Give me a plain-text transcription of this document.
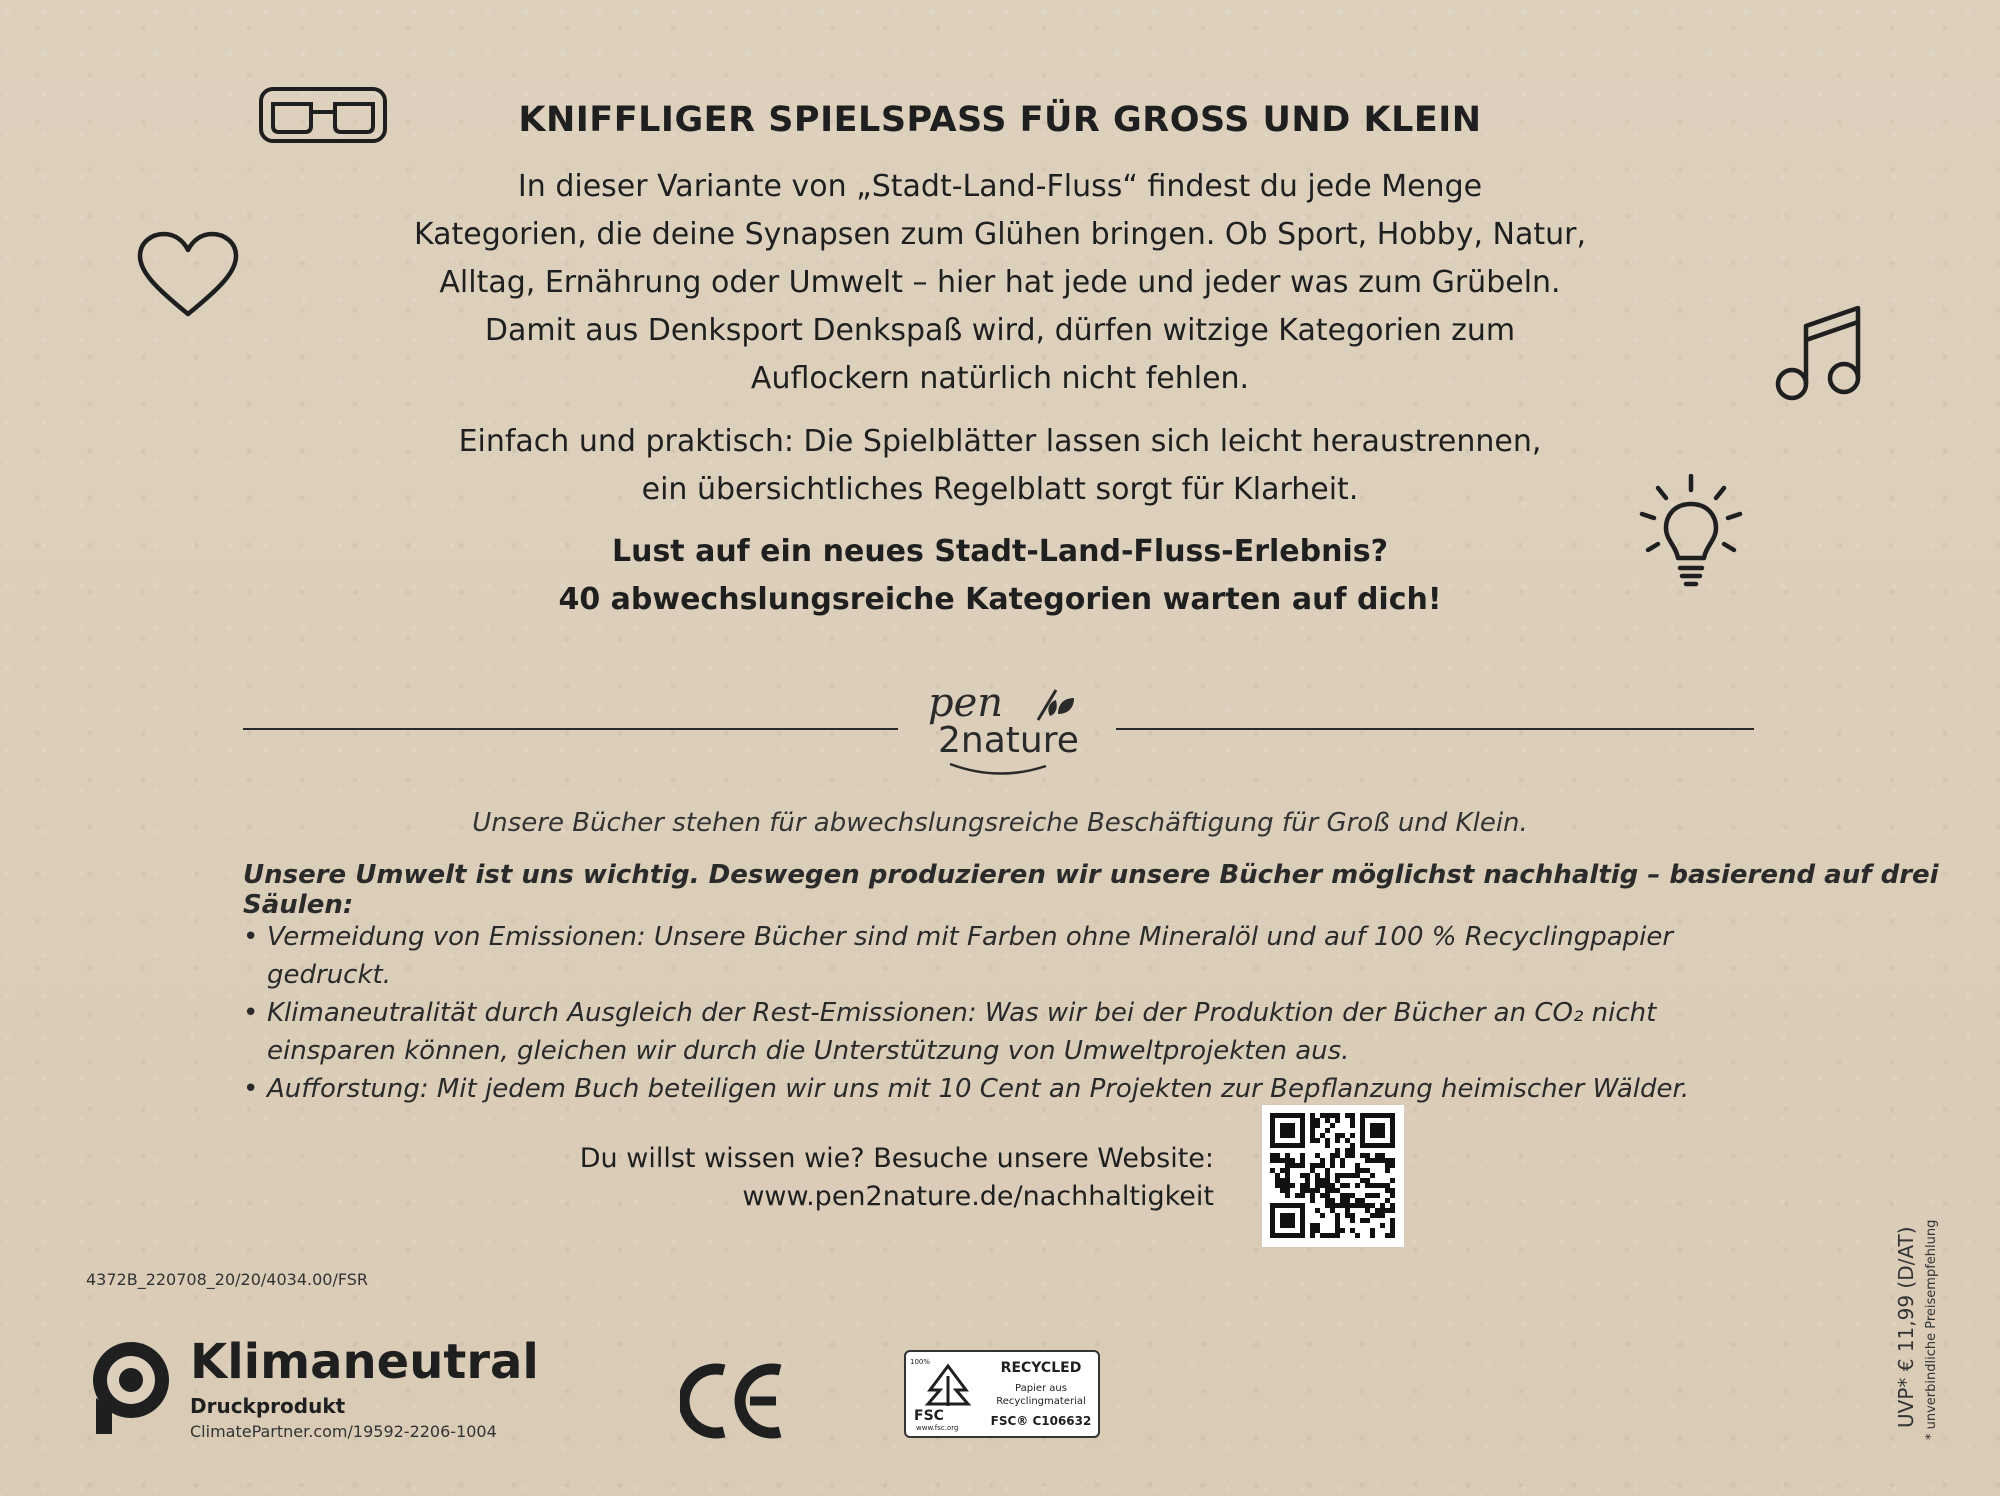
KNIFFLIGER SPIELSPASS FÜR GROSS UND KLEIN
In dieser Variante von „Stadt-Land-Fluss“ findest du jede Menge
Kategorien, die deine Synapsen zum Glühen bringen. Ob Sport, Hobby, Natur,
Alltag, Ernährung oder Umwelt – hier hat jede und jeder was zum Grübeln.
Damit aus Denksport Denkspaß wird, dürfen witzige Kategorien zum
Auflockern natürlich nicht fehlen.
Einfach und praktisch: Die Spielblätter lassen sich leicht heraustrennen,
ein übersichtliches Regelblatt sorgt für Klarheit.
Lust auf ein neues Stadt-Land-Fluss-Erlebnis?
40 abwechslungsreiche Kategorien warten auf dich!
pen
2nature
Unsere Bücher stehen für abwechslungsreiche Beschäftigung für Groß und Klein.
Unsere Umwelt ist uns wichtig. Deswegen produzieren wir unsere Bücher möglichst nachhaltig – basierend auf drei Säulen:
• Vermeidung von Emissionen: Unsere Bücher sind mit Farben ohne Mineralöl und auf 100 % Recyclingpapier gedruckt.
• Klimaneutralität durch Ausgleich der Rest-Emissionen: Was wir bei der Produktion der Bücher an CO₂ nicht einsparen können, gleichen wir durch die Unterstützung von Umweltprojekten aus.
• Aufforstung: Mit jedem Buch beteiligen wir uns mit 10 Cent an Projekten zur Bepflanzung heimischer Wälder.
Du willst wissen wie? Besuche unsere Website:
www.pen2nature.de/nachhaltigkeit
4372B_220708_20/20/4034.00/FSR
Klimaneutral
Druckprodukt
ClimatePartner.com/19592-2206-1004
100%
FSC
www.fsc.org
RECYCLED
Papier aus Recyclingmaterial
FSC® C106632	UVP* € 11,99 (D/AT) * unverbindliche Preisempfehlung
